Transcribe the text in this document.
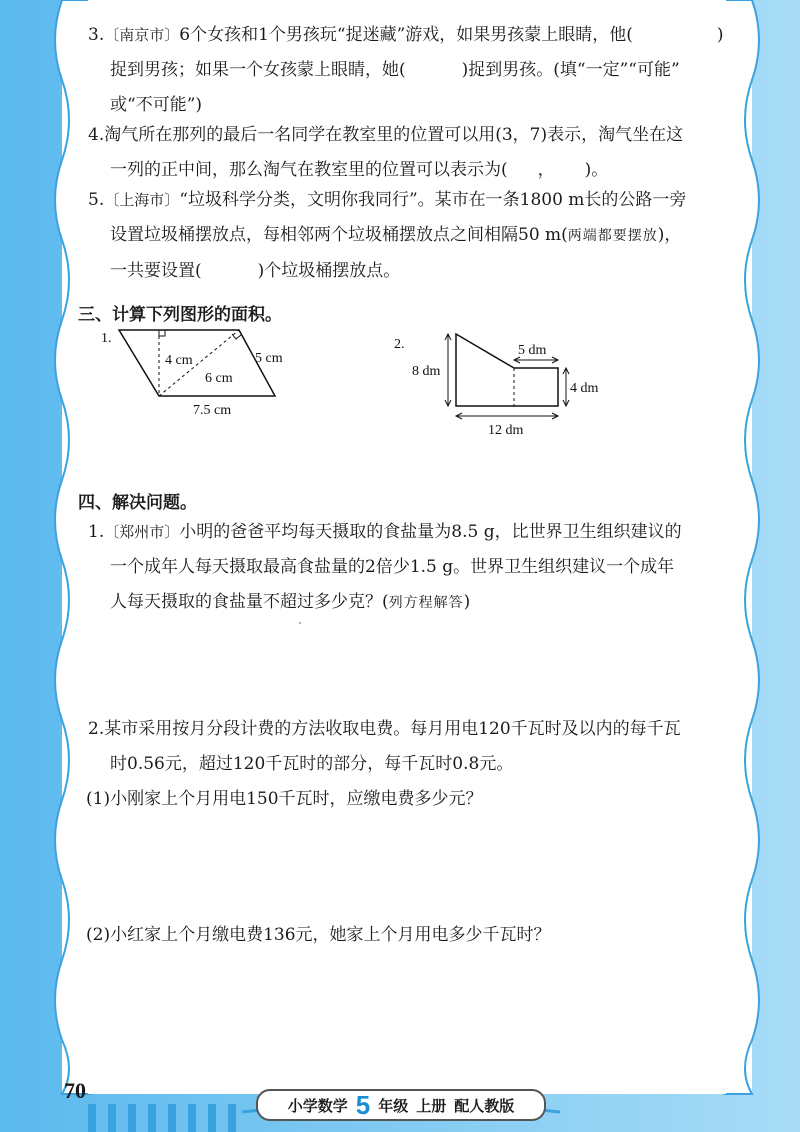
3.〔南京市〕6个女孩和1个男孩玩“捉迷藏”游戏，如果男孩蒙上眼睛，他(	)
捉到男孩；如果一个女孩蒙上眼睛，她(	)捉到男孩。(填“一定”“可能”
或“不可能”)
4.淘气所在那列的最后一名同学在教室里的位置可以用(3，7)表示，淘气坐在这
一列的正中间，那么淘气在教室里的位置可以表示为( ， )。
5.〔上海市〕“垃圾科学分类，文明你我同行”。某市在一条1800 m长的公路一旁
设置垃圾桶摆放点，每相邻两个垃圾桶摆放点之间相隔50 m(两端都要摆放)，
一共要设置(	)个垃圾桶摆放点。
三、计算下列图形的面积。
1.
4 cm	5 cm
6 cm
7.5 cm
2.
8 dm
5 dm
4 dm
12 dm
四、解决问题。
1.〔郑州市〕小明的爸爸平均每天摄取的食盐量为8.5 g，比世界卫生组织建议的
一个成年人每天摄取最高食盐量的2倍少1.5 g。世界卫生组织建议一个成年
人每天摄取的食盐量不超过多少克？(列方程解答)
2.某市采用按月分段计费的方法收取电费。每月用电120千瓦时及以内的每千瓦
时0.56元，超过120千瓦时的部分，每千瓦时0.8元。
(1)小刚家上个月用电150千瓦时，应缴电费多少元？
(2)小红家上个月缴电费136元，她家上个月用电多少千瓦时？
70
小学数学 5 年级 上册 配人教版
